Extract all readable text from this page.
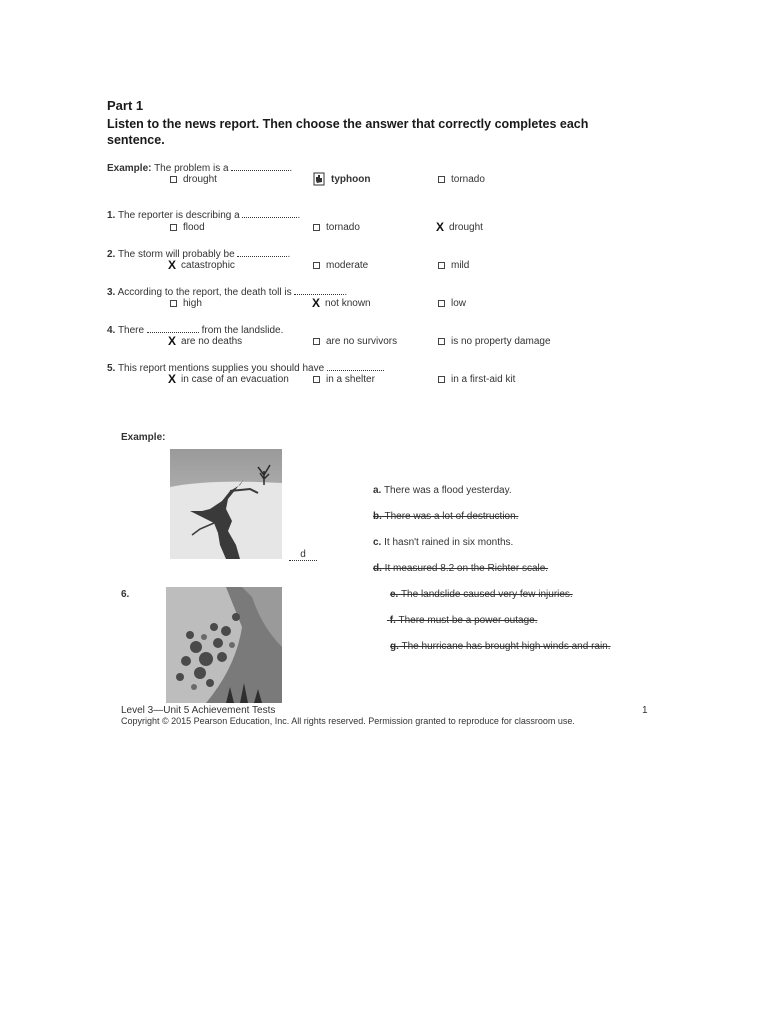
Part 1
Listen to the news report. Then choose the answer that correctly completes each sentence.
Example: The problem is a	.
drought	typhoon	tornado
1. The reporter is describing a	.
flood	tornado	X drought
2. The storm will probably be	.
X catastrophic	moderate	mild
3. According to the report, the death toll is	.
high	X not known	low
4. There	from the landslide.
X are no deaths	are no survivors	is no property damage
5. This report mentions supplies you should have	.
X in case of an evacuation	in a shelter	in a first-aid kit
Example:
d
6.
a. There was a flood yesterday.
b. There was a lot of destruction.
c. It hasn't rained in six months.
d. It measured 8.2 on the Richter scale.
e. The landslide caused very few injuries.
f. There must be a power outage.
g. The hurricane has brought high winds and rain.
Level 3—Unit 5 Achievement Tests	1
Copyright © 2015 Pearson Education, Inc. All rights reserved. Permission granted to reproduce for classroom use.
